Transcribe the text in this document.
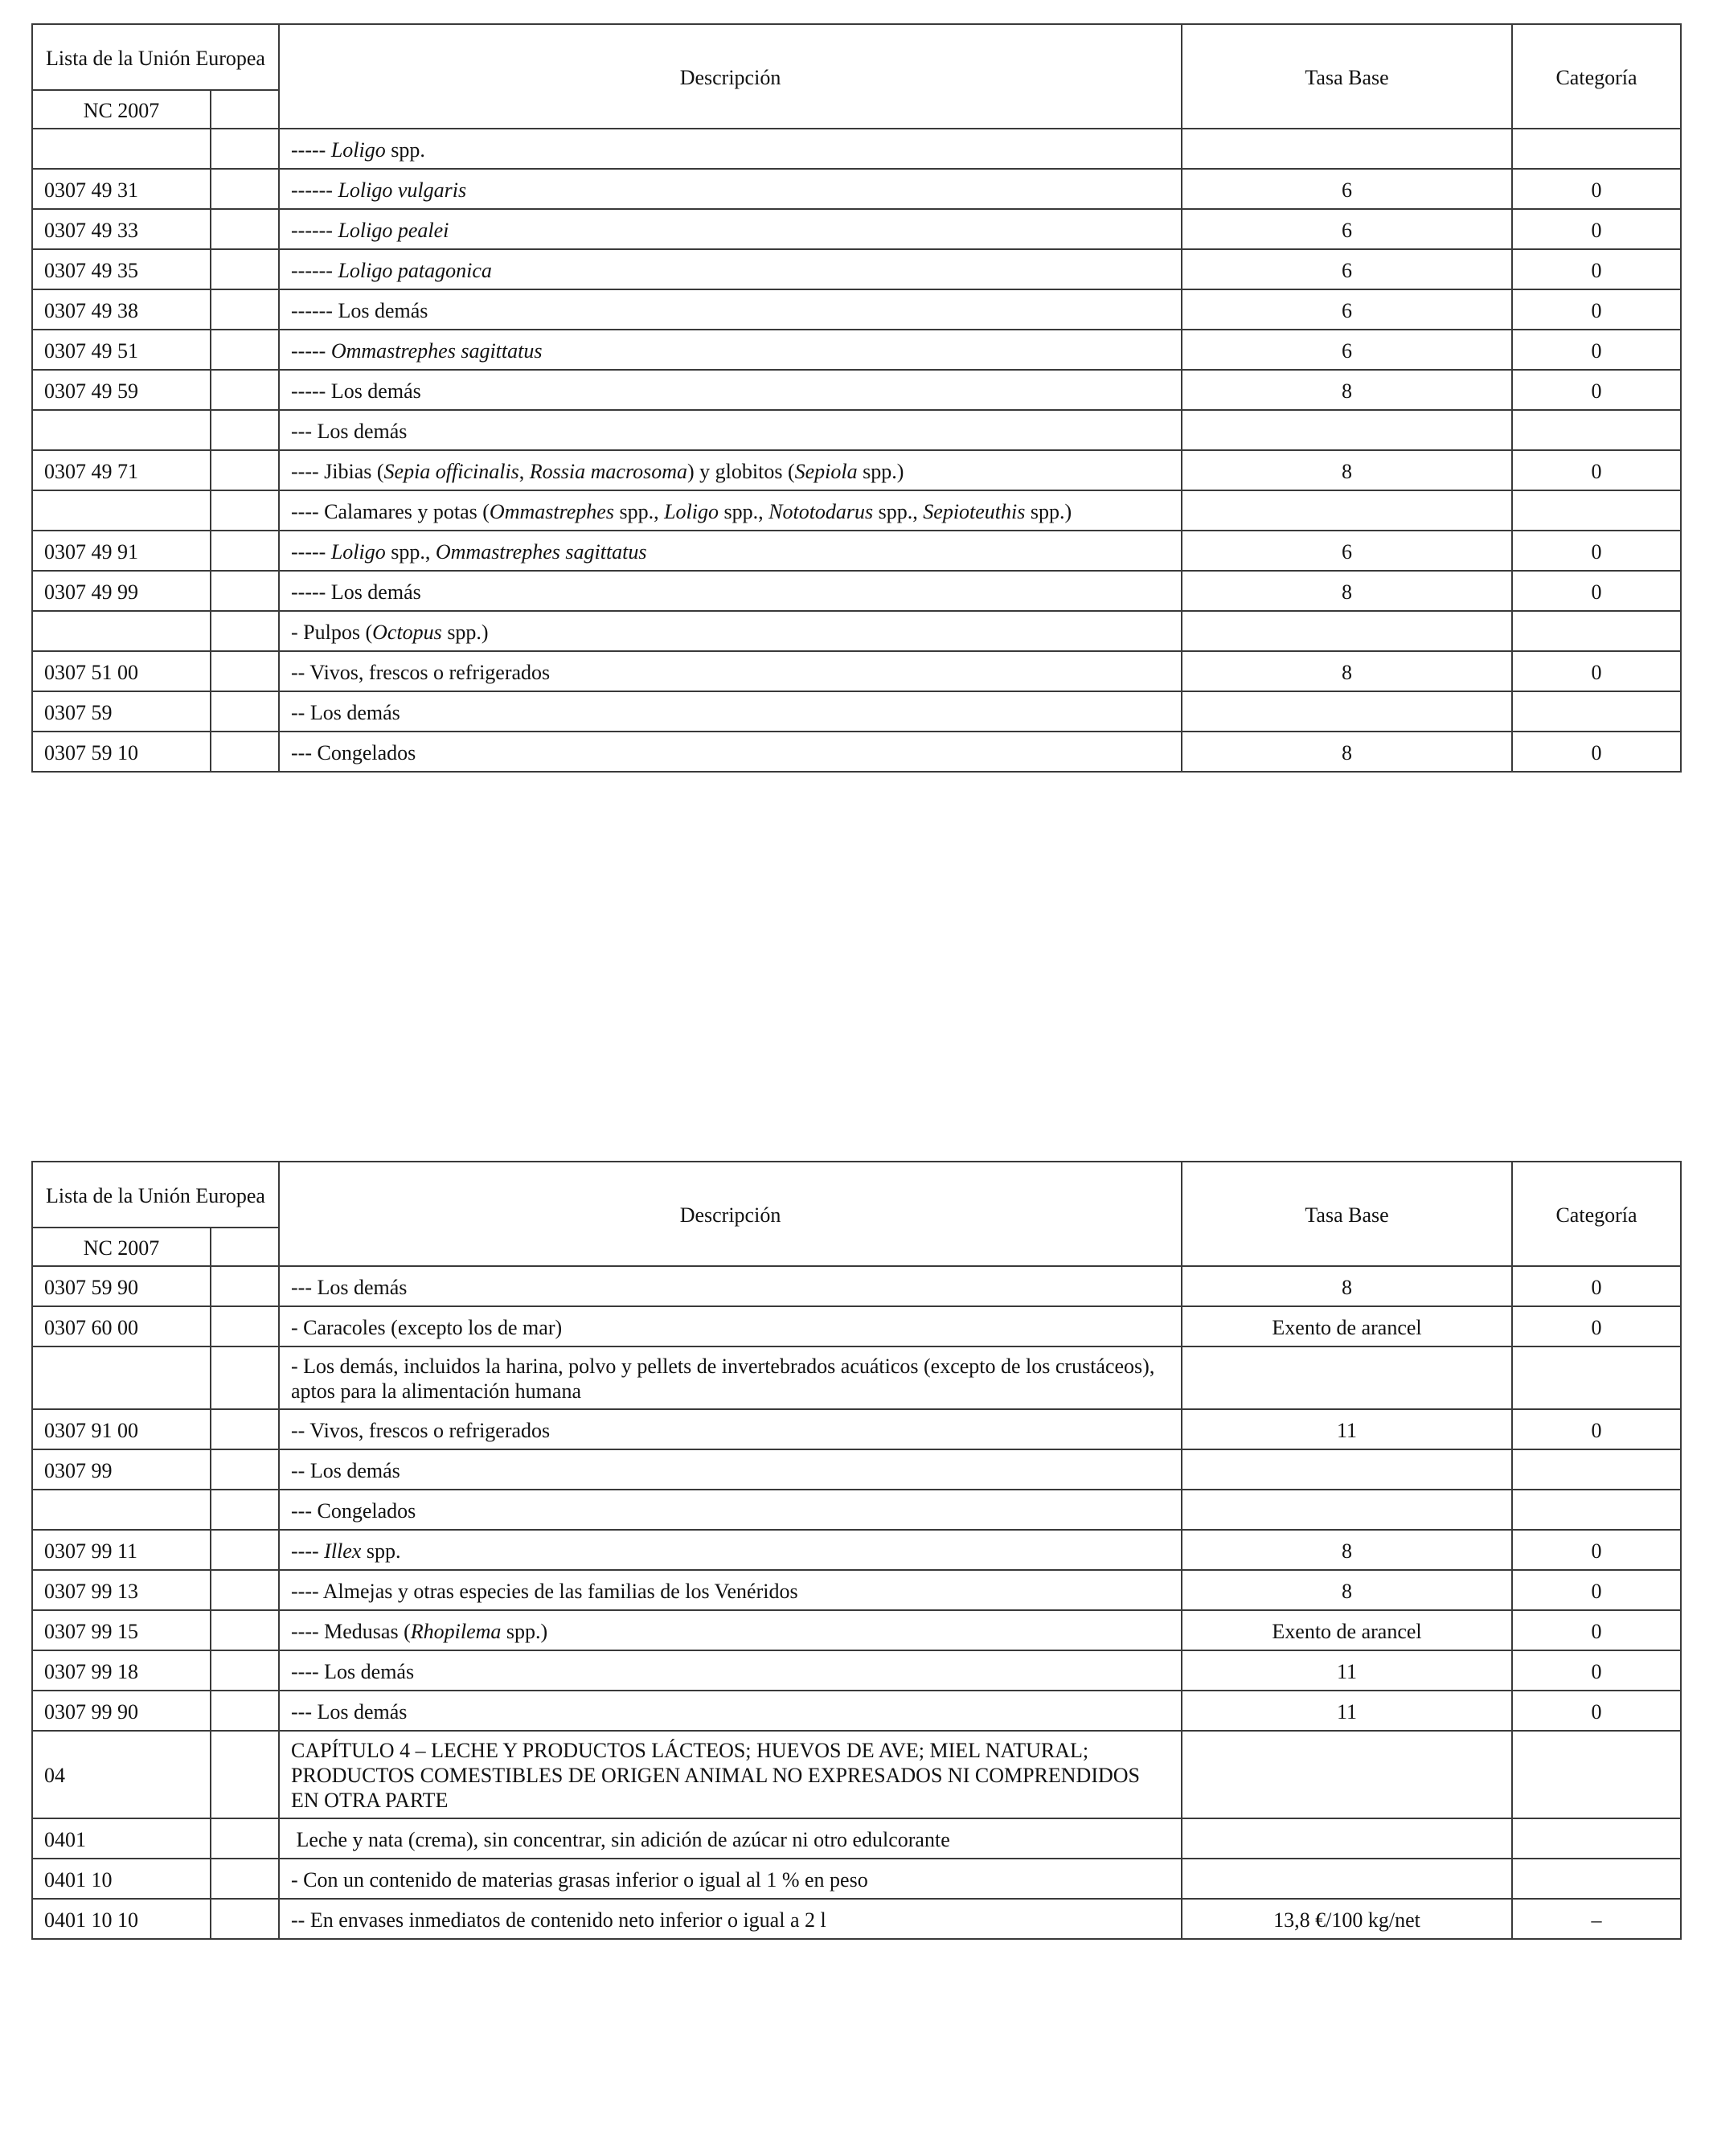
Lista de la Unión Europea		Descripción	Tasa Base	Categoría
NC 2007				
		----- Loligo spp.		
0307 49 31		------ Loligo vulgaris	6	0
0307 49 33		------ Loligo pealei	6	0
0307 49 35		------ Loligo patagonica	6	0
0307 49 38		------ Los demás	6	0
0307 49 51		----- Ommastrephes sagittatus	6	0
0307 49 59		----- Los demás	8	0
		--- Los demás		
0307 49 71		---- Jibias (Sepia officinalis, Rossia macrosoma) y globitos (Sepiola spp.)	8	0
		---- Calamares y potas (Ommastrephes spp., Loligo spp., Nototodarus spp., Sepioteuthis spp.)		
0307 49 91		----- Loligo spp., Ommastrephes sagittatus	6	0
0307 49 99		----- Los demás	8	0
		- Pulpos (Octopus spp.)		
0307 51 00		-- Vivos, frescos o refrigerados	8	0
0307 59		-- Los demás		
0307 59 10		--- Congelados	8	0
Lista de la Unión Europea		Descripción	Tasa Base	Categoría
NC 2007				
0307 59 90		--- Los demás	8	0
0307 60 00		- Caracoles (excepto los de mar)	Exento de arancel	0
		- Los demás, incluidos la harina, polvo y pellets de invertebrados acuáticos (excepto de los crustáceos), aptos para la alimentación humana		
0307 91 00		-- Vivos, frescos o refrigerados	11	0
0307 99		-- Los demás		
		--- Congelados		
0307 99 11		---- Illex spp.	8	0
0307 99 13		---- Almejas y otras especies de las familias de los Venéridos	8	0
0307 99 15		---- Medusas (Rhopilema spp.)	Exento de arancel	0
0307 99 18		---- Los demás	11	0
0307 99 90		--- Los demás	11	0
04		CAPÍTULO 4 – LECHE Y PRODUCTOS LÁCTEOS; HUEVOS DE AVE; MIEL NATURAL; PRODUCTOS COMESTIBLES DE ORIGEN ANIMAL NO EXPRESADOS NI COMPRENDIDOS EN OTRA PARTE		
0401		Leche y nata (crema), sin concentrar, sin adición de azúcar ni otro edulcorante		
0401 10		- Con un contenido de materias grasas inferior o igual al 1 % en peso		
0401 10 10		-- En envases inmediatos de contenido neto inferior o igual a 2 l	13,8 €/100 kg/net	–
